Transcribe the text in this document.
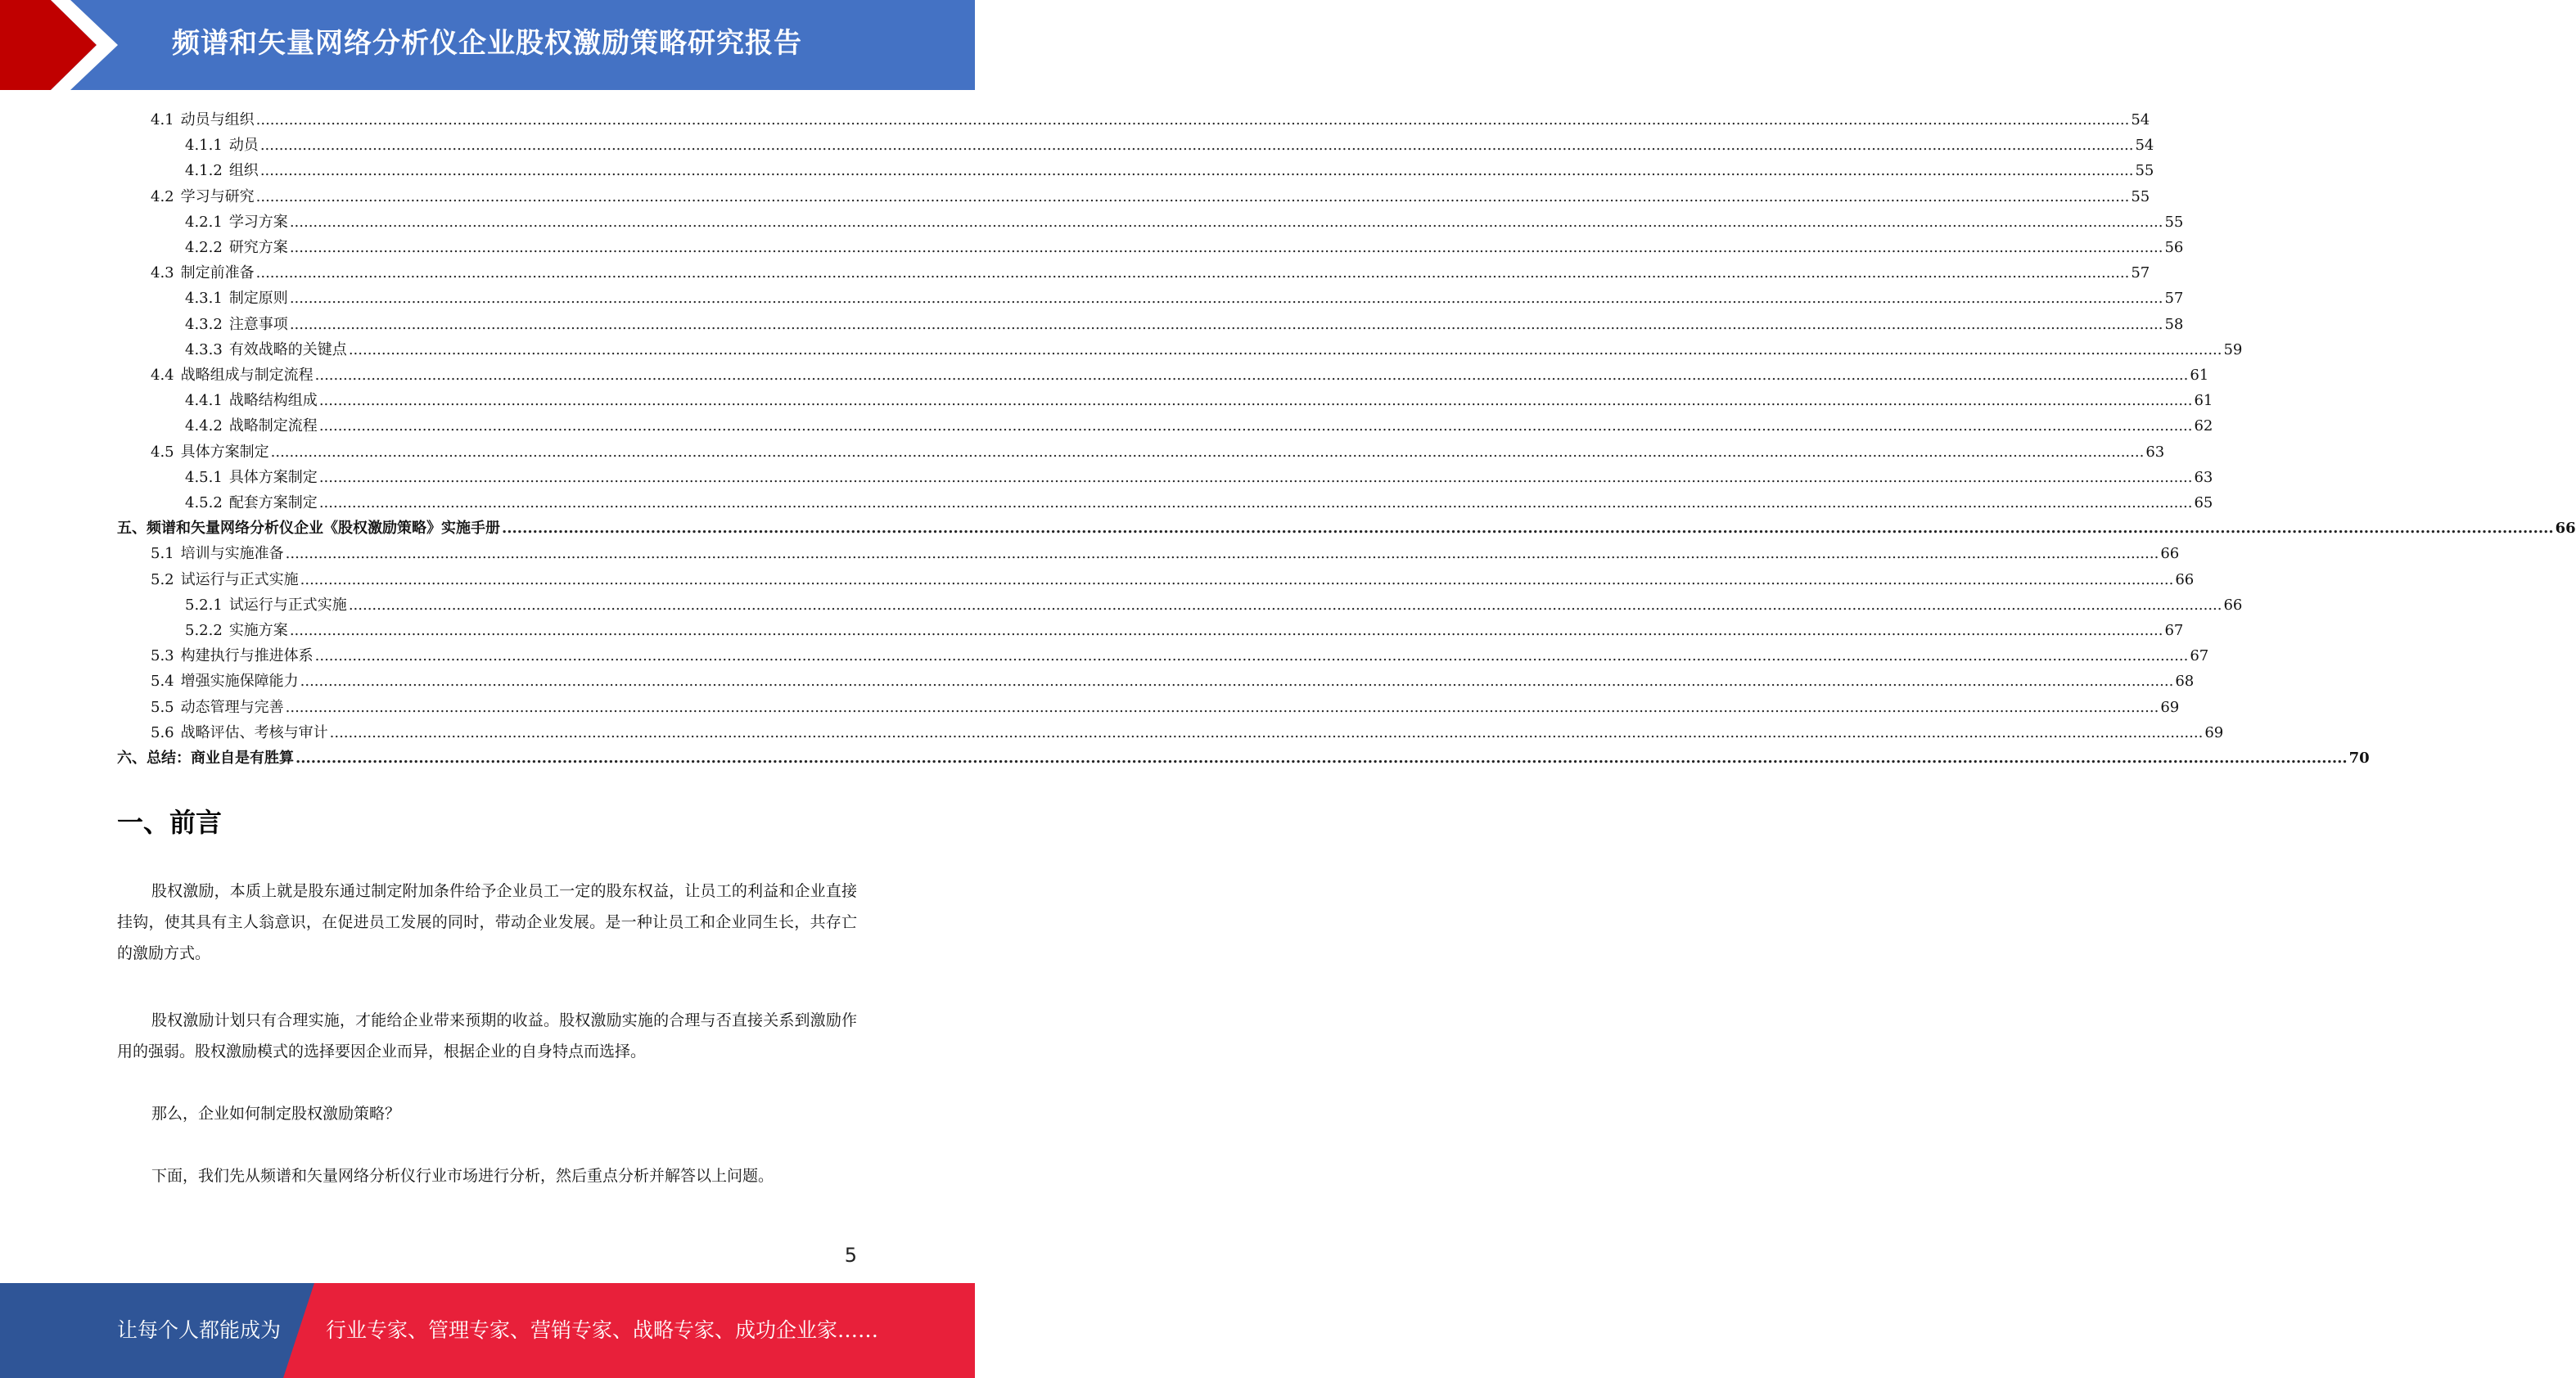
频谱和矢量网络分析仪企业股权激励策略研究报告
4.1 动员与组织 ................................................................................................................................................................................................................................................................................................................................................................................................................ 54
4.1.1 动员 ................................................................................................................................................................................................................................................................................................................................................................................................................ 54
4.1.2 组织 ................................................................................................................................................................................................................................................................................................................................................................................................................ 55
4.2 学习与研究 ................................................................................................................................................................................................................................................................................................................................................................................................................ 55
4.2.1 学习方案 ................................................................................................................................................................................................................................................................................................................................................................................................................ 55
4.2.2 研究方案 ................................................................................................................................................................................................................................................................................................................................................................................................................ 56
4.3 制定前准备 ................................................................................................................................................................................................................................................................................................................................................................................................................ 57
4.3.1 制定原则 ................................................................................................................................................................................................................................................................................................................................................................................................................ 57
4.3.2 注意事项 ................................................................................................................................................................................................................................................................................................................................................................................................................ 58
4.3.3 有效战略的关键点 ................................................................................................................................................................................................................................................................................................................................................................................................................ 59
4.4 战略组成与制定流程 ................................................................................................................................................................................................................................................................................................................................................................................................................ 61
4.4.1 战略结构组成 ................................................................................................................................................................................................................................................................................................................................................................................................................ 61
4.4.2 战略制定流程 ................................................................................................................................................................................................................................................................................................................................................................................................................ 62
4.5 具体方案制定 ................................................................................................................................................................................................................................................................................................................................................................................................................ 63
4.5.1 具体方案制定 ................................................................................................................................................................................................................................................................................................................................................................................................................ 63
4.5.2 配套方案制定 ................................................................................................................................................................................................................................................................................................................................................................................................................ 65
五、频谱和矢量网络分析仪企业《股权激励策略》实施手册 ................................................................................................................................................................................................................................................................................................................................................................................................................ 66
5.1 培训与实施准备 ................................................................................................................................................................................................................................................................................................................................................................................................................ 66
5.2 试运行与正式实施 ................................................................................................................................................................................................................................................................................................................................................................................................................ 66
5.2.1 试运行与正式实施 ................................................................................................................................................................................................................................................................................................................................................................................................................ 66
5.2.2 实施方案 ................................................................................................................................................................................................................................................................................................................................................................................................................ 67
5.3 构建执行与推进体系 ................................................................................................................................................................................................................................................................................................................................................................................................................ 67
5.4 增强实施保障能力 ................................................................................................................................................................................................................................................................................................................................................................................................................ 68
5.5 动态管理与完善 ................................................................................................................................................................................................................................................................................................................................................................................................................ 69
5.6 战略评估、考核与审计 ................................................................................................................................................................................................................................................................................................................................................................................................................ 69
六、总结：商业自是有胜算 ................................................................................................................................................................................................................................................................................................................................................................................................................ 70
一、前言

股权激励，本质上就是股东通过制定附加条件给予企业员工一定的股东权益，让员工的利益和企业直接挂钩，使其具有主人翁意识，在促进员工发展的同时，带动企业发展。是一种让员工和企业同生长，共存亡的激励方式。

股权激励计划只有合理实施，才能给企业带来预期的收益。股权激励实施的合理与否直接关系到激励作用的强弱。股权激励模式的选择要因企业而异，根据企业的自身特点而选择。

那么，企业如何制定股权激励策略？

下面，我们先从频谱和矢量网络分析仪行业市场进行分析，然后重点分析并解答以上问题。

5
让每个人都能成为 行业专家、管理专家、营销专家、战略专家、成功企业家……
